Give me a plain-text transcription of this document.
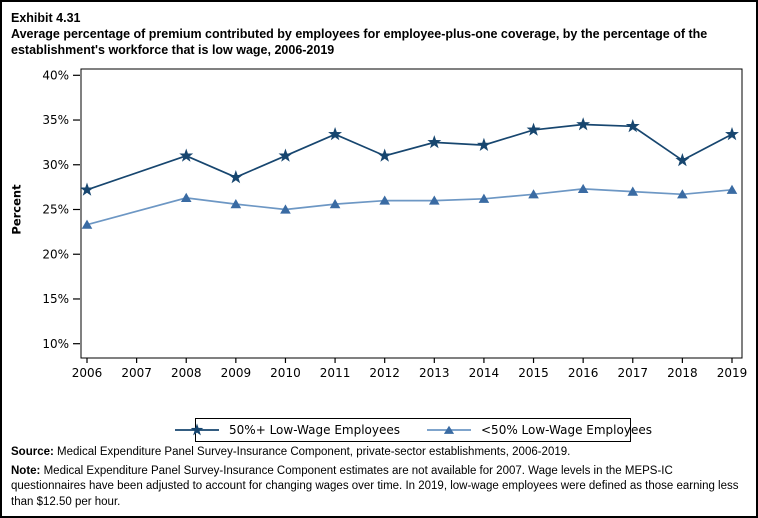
Exhibit 4.31
Average percentage of premium contributed by employees for employee-plus-one coverage, by the percentage of the establishment's workforce that is low wage, 2006-2019
10%
15%
20%
25%
30%
35%
40%
2006 2007 2008 2009 2010 2011 2012 2013 2014 2015 2016 2017 2018 2019
Percent
50%+ Low-Wage Employees	<50% Low-Wage Employees

Source: Medical Expenditure Panel Survey-Insurance Component, private-sector establishments, 2006-2019.

Note: Medical Expenditure Panel Survey-Insurance Component estimates are not available for 2007. Wage levels in the MEPS-IC questionnaires have been adjusted to account for changing wages over time. In 2019, low-wage employees were defined as those earning less than $12.50 per hour.
